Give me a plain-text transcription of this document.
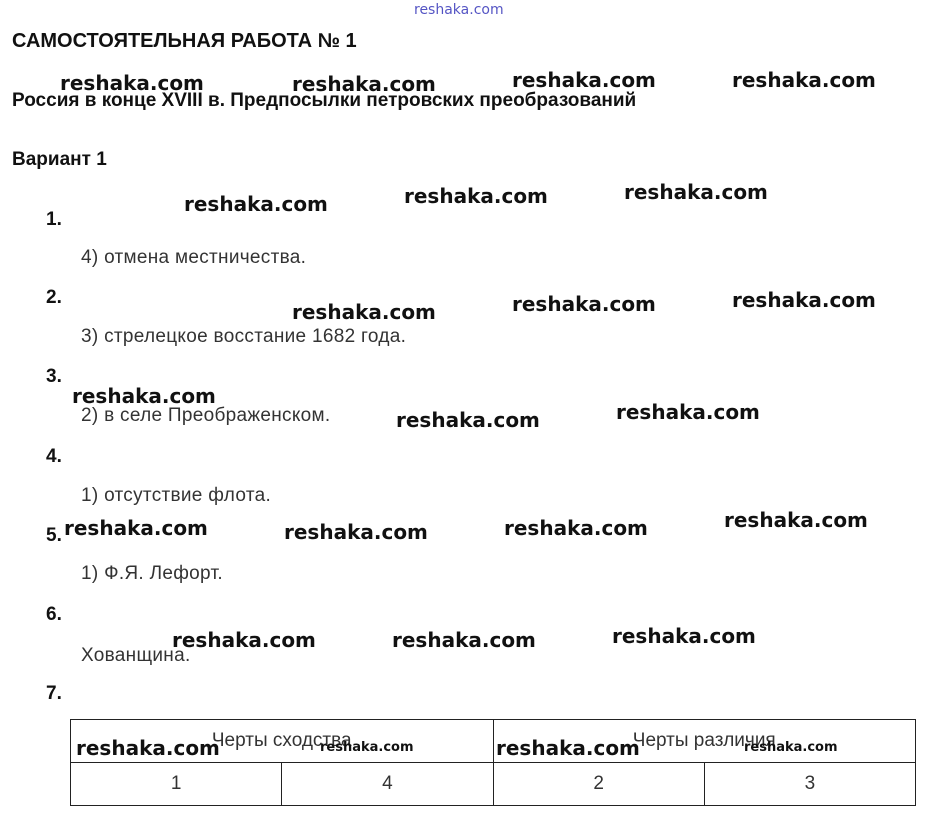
reshaka.com
САМОСТОЯТЕЛЬНАЯ РАБОТА № 1
Россия в конце XVIII в. Предпосылки петровских преобразований
Вариант 1
1.
4) отмена местничества.
2.
3) стрелецкое восстание 1682 года.
3.
2) в селе Преображенском.
4.
1) отсутствие флота.
5.
1) Ф.Я. Лефорт.
6.
Хованщина.
7.
Черты сходства		Черты различия	
1	4	2	3
reshaka.com	reshaka.com	reshaka.com	reshaka.com
reshaka.com	reshaka.com	reshaka.com
reshaka.com	reshaka.com	reshaka.com
reshaka.com
reshaka.com	reshaka.com
reshaka.com	reshaka.com	reshaka.com	reshaka.com
reshaka.com	reshaka.com	reshaka.com
reshaka.com	reshaka.com	reshaka.com	reshaka.com
